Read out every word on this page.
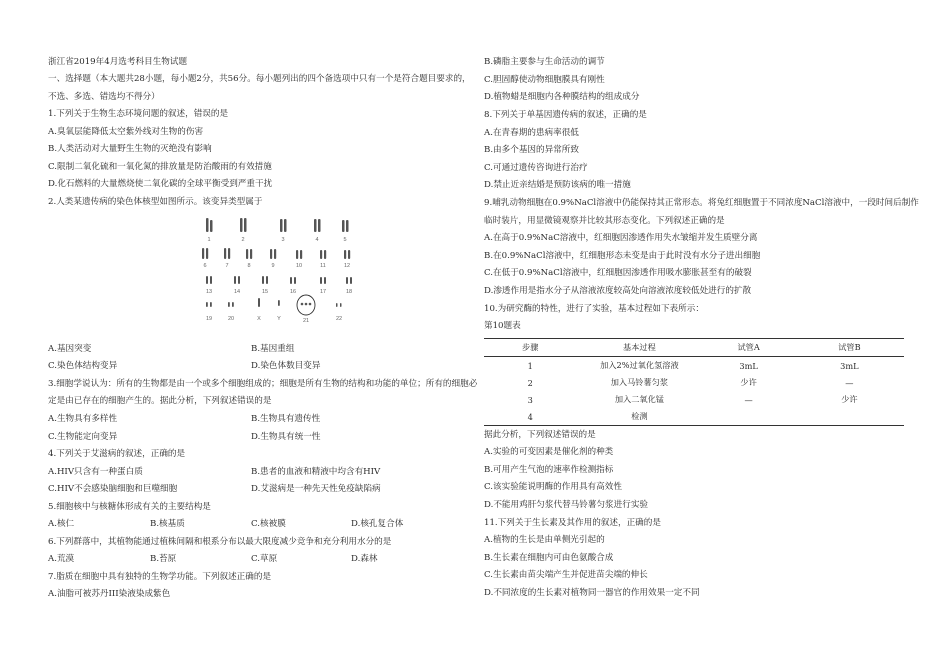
浙江省2019年4月选考科目生物试题
一、选择题（本大题共28小题，每小题2分，共56分。每小题列出的四个备选项中只有一个是符合题目要求的，
不选、多选、错选均不得分）
1.下列关于生物生态环境问题的叙述，错误的是
A.臭氧层能降低太空紫外线对生物的伤害
B.人类活动对大量野生生物的灭绝没有影响
C.限制二氧化硫和一氧化氮的排放量是防治酸雨的有效措施
D.化石燃料的大量燃烧使二氧化碳的全球平衡受到严重干扰
2.人类某遗传病的染色体核型如图所示。该变异类型属于
1	2	3	4	5
6	7	8	9	10	11	12
13	14	15	16	17	18
19	20	X	Y	21	22
A.基因突变	B.基因重组
C.染色体结构变异	D.染色体数目变异
3.细胞学说认为：所有的生物都是由一个或多个细胞组成的；细胞是所有生物的结构和功能的单位；所有的细胞必
定是由已存在的细胞产生的。据此分析，下列叙述错误的是
A.生物具有多样性	B.生物具有遗传性
C.生物能定向变异	D.生物具有统一性
4.下列关于艾滋病的叙述，正确的是
A.HIV只含有一种蛋白质	B.患者的血液和精液中均含有HIV
C.HIV不会感染脑细胞和巨噬细胞	D.艾滋病是一种先天性免疫缺陷病
5.细胞核中与核糖体形成有关的主要结构是
A.核仁	B.核基质	C.核被膜	D.核孔复合体
6.下列群落中，其植物能通过植株间隔和根系分布以最大限度减少竞争和充分利用水分的是
A.荒漠	B.苔原	C.草原	D.森林
7.脂质在细胞中具有独特的生物学功能。下列叙述正确的是
A.油脂可被苏丹III染液染成紫色
B.磷脂主要参与生命活动的调节
C.胆固醇使动物细胞膜具有刚性
D.植物蜡是细胞内各种膜结构的组成成分
8.下列关于单基因遗传病的叙述，正确的是
A.在青春期的患病率很低
B.由多个基因的异常所致
C.可通过遗传咨询进行治疗
D.禁止近亲结婚是预防该病的唯一措施
9.哺乳动物细胞在0.9%NaCl溶液中仍能保持其正常形态。将兔红细胞置于不同浓度NaCl溶液中，一段时间后制作
临时装片，用显微镜观察并比较其形态变化。下列叙述正确的是
A.在高于0.9%NaC溶液中，红细胞因渗透作用失水皱缩并发生质壁分离
B.在0.9%NaCl溶液中，红细胞形态未变是由于此时没有水分子进出细胞
C.在低于0.9%NaCl溶液中，红细胞因渗透作用吸水膨胀甚至有的破裂
D.渗透作用是指水分子从溶液浓度较高处向溶液浓度较低处进行的扩散
10.为研究酶的特性，进行了实验，基本过程如下表所示：
第10题表
步骤	基本过程	试管A	试管B
1	加入2%过氧化氢溶液	3mL	3mL
2	加入马铃薯匀浆	少许	—
3	加入二氧化锰	—	少许
4	检测		
据此分析，下列叙述错误的是
A.实验的可变因素是催化剂的种类
B.可用产生气泡的速率作检测指标
C.该实验能说明酶的作用具有高效性
D.不能用鸡肝匀浆代替马铃薯匀浆进行实验
11.下列关于生长素及其作用的叙述，正确的是
A.植物的生长是由单侧光引起的
B.生长素在细胞内可由色氨酸合成
C.生长素由苗尖端产生并促进苗尖端的伸长
D.不同浓度的生长素对植物同一器官的作用效果一定不同
